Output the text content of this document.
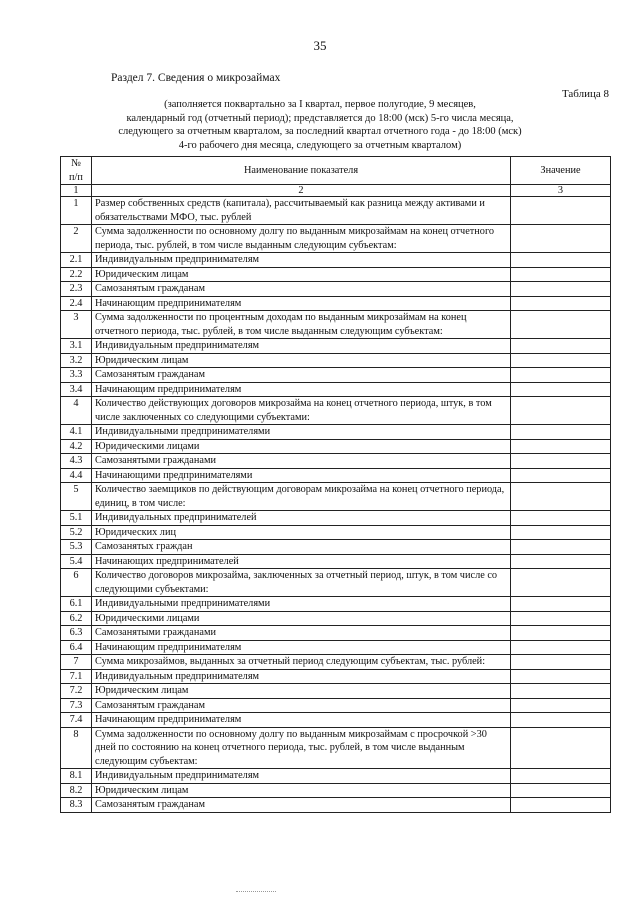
35
Раздел 7. Сведения о микрозаймах
Таблица 8
(заполняется поквартально за I квартал, первое полугодие, 9 месяцев,
календарный год (отчетный период); представляется до 18:00 (мск) 5-го числа месяца,
следующего за отчетным кварталом, за последний квартал отчетного года - до 18:00 (мск)
4-го рабочего дня месяца, следующего за отчетным кварталом)
№
п/п	Наименование показателя	Значение
1	2	3
1	Размер собственных средств (капитала), рассчитываемый как разница между активами и обязательствами МФО, тыс. рублей	
2	Сумма задолженности по основному долгу по выданным микрозаймам на конец отчетного периода, тыс. рублей, в том числе выданным следующим субъектам:	
2.1	Индивидуальным предпринимателям	
2.2	Юридическим лицам	
2.3	Самозанятым гражданам	
2.4	Начинающим предпринимателям	
3	Сумма задолженности по процентным доходам по выданным микрозаймам на конец отчетного периода, тыс. рублей, в том числе выданным следующим субъектам:	
3.1	Индивидуальным предпринимателям	
3.2	Юридическим лицам	
3.3	Самозанятым гражданам	
3.4	Начинающим предпринимателям	
4	Количество действующих договоров микрозайма на конец отчетного периода, штук, в том числе заключенных со следующими субъектами:	
4.1	Индивидуальными предпринимателями	
4.2	Юридическими лицами	
4.3	Самозанятыми гражданами	
4.4	Начинающими предпринимателями	
5	Количество заемщиков по действующим договорам микрозайма на конец отчетного периода, единиц, в том числе:	
5.1	Индивидуальных предпринимателей	
5.2	Юридических лиц	
5.3	Самозанятых граждан	
5.4	Начинающих предпринимателей	
6	Количество договоров микрозайма, заключенных за отчетный период, штук, в том числе со следующими субъектами:	
6.1	Индивидуальными предпринимателями	
6.2	Юридическими лицами	
6.3	Самозанятыми гражданами	
6.4	Начинающим предпринимателям	
7	Сумма микрозаймов, выданных за отчетный период следующим субъектам, тыс. рублей:	
7.1	Индивидуальным предпринимателям	
7.2	Юридическим лицам	
7.3	Самозанятым гражданам	
7.4	Начинающим предпринимателям	
8	Сумма задолженности по основному долгу по выданным микрозаймам с просрочкой >30 дней по состоянию на конец отчетного периода, тыс. рублей, в том числе выданным следующим субъектам:	
8.1	Индивидуальным предпринимателям	
8.2	Юридическим лицам	
8.3	Самозанятым гражданам	
